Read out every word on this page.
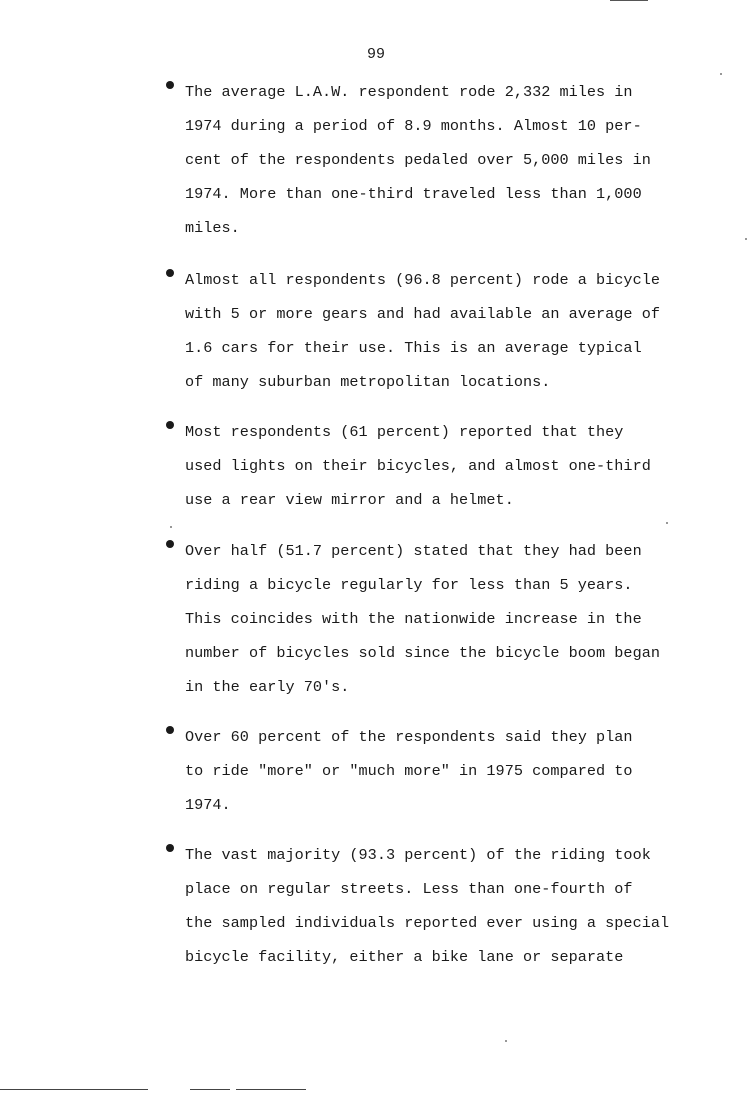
99
The average L.A.W. respondent rode 2,332 miles in
1974 during a period of 8.9 months. Almost 10 per-
cent of the respondents pedaled over 5,000 miles in
1974. More than one-third traveled less than 1,000
miles.
Almost all respondents (96.8 percent) rode a bicycle
with 5 or more gears and had available an average of
1.6 cars for their use. This is an average typical
of many suburban metropolitan locations.
Most respondents (61 percent) reported that they
used lights on their bicycles, and almost one-third
use a rear view mirror and a helmet.
Over half (51.7 percent) stated that they had been
riding a bicycle regularly for less than 5 years.
This coincides with the nationwide increase in the
number of bicycles sold since the bicycle boom began
in the early 70's.
Over 60 percent of the respondents said they plan
to ride "more" or "much more" in 1975 compared to
1974.
The vast majority (93.3 percent) of the riding took
place on regular streets. Less than one-fourth of
the sampled individuals reported ever using a special
bicycle facility, either a bike lane or separate
